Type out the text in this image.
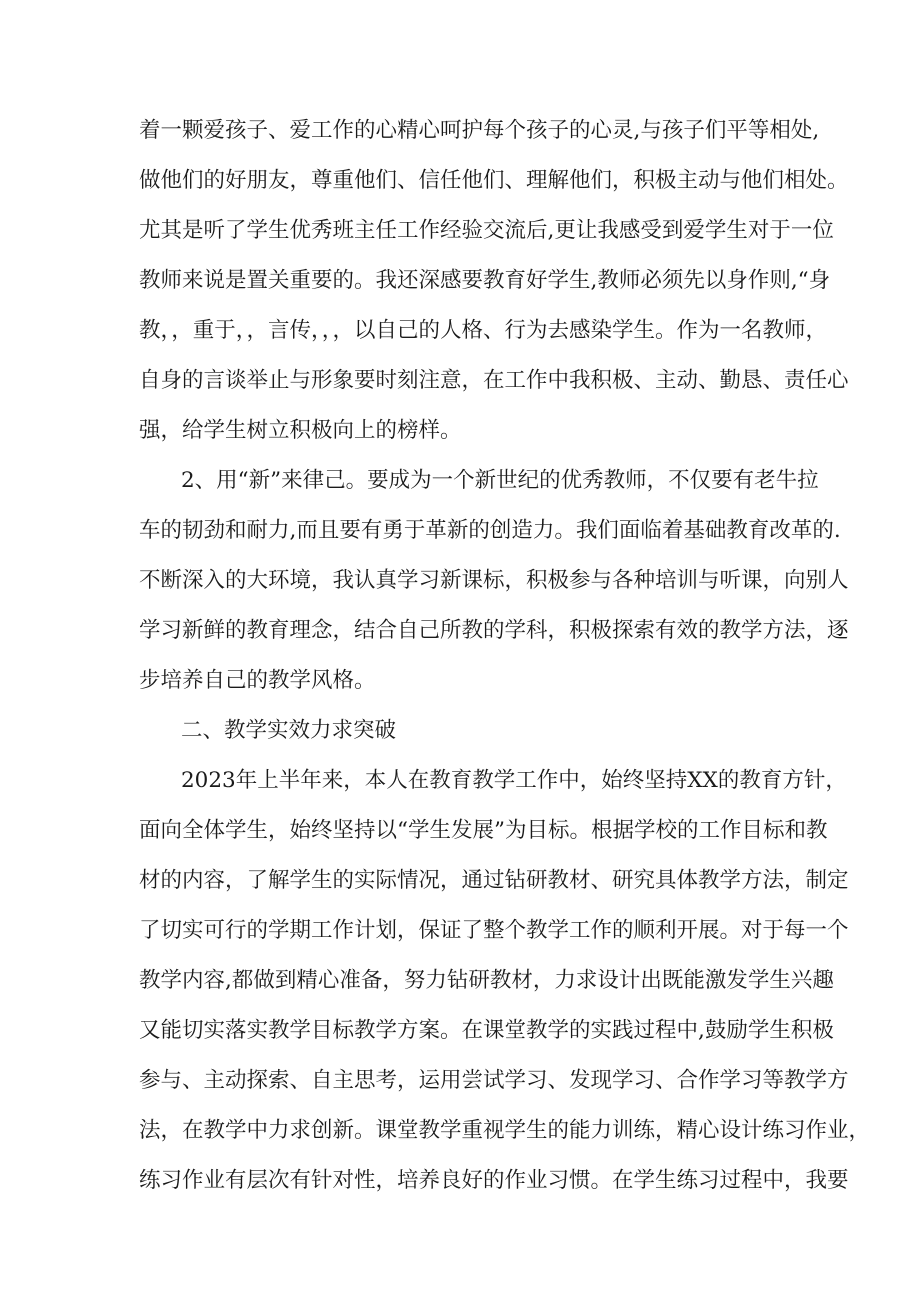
着一颗爱孩子、爱工作的心精心呵护每个孩子的心灵,与孩子们平等相处,
做他们的好朋友，尊重他们、信任他们、理解他们，积极主动与他们相处。
尤其是听了学生优秀班主任工作经验交流后,更让我感受到爱学生对于一位
教师来说是置关重要的。我还深感要教育好学生,教师必须先以身作则,“身
教，，重于，，言传，，，以自己的人格、行为去感染学生。作为一名教师，
自身的言谈举止与形象要时刻注意，在工作中我积极、主动、勤恳、责任心
强，给学生树立积极向上的榜样。
2、用“新”来律己。要成为一个新世纪的优秀教师，不仅要有老牛拉
车的韧劲和耐力,而且要有勇于革新的创造力。我们面临着基础教育改革的.
不断深入的大环境，我认真学习新课标，积极参与各种培训与听课，向别人
学习新鲜的教育理念，结合自己所教的学科，积极探索有效的教学方法，逐
步培养自己的教学风格。
二、教学实效力求突破
2023年上半年来，本人在教育教学工作中，始终坚持XX的教育方针，
面向全体学生，始终坚持以“学生发展”为目标。根据学校的工作目标和教
材的内容，了解学生的实际情况，通过钻研教材、研究具体教学方法，制定
了切实可行的学期工作计划，保证了整个教学工作的顺利开展。对于每一个
教学内容,都做到精心准备，努力钻研教材，力求设计出既能激发学生兴趣
又能切实落实教学目标教学方案。在课堂教学的实践过程中,鼓励学生积极
参与、主动探索、自主思考，运用尝试学习、发现学习、合作学习等教学方
法，在教学中力求创新。课堂教学重视学生的能力训练，精心设计练习作业，
练习作业有层次有针对性，培养良好的作业习惯。在学生练习过程中，我要
